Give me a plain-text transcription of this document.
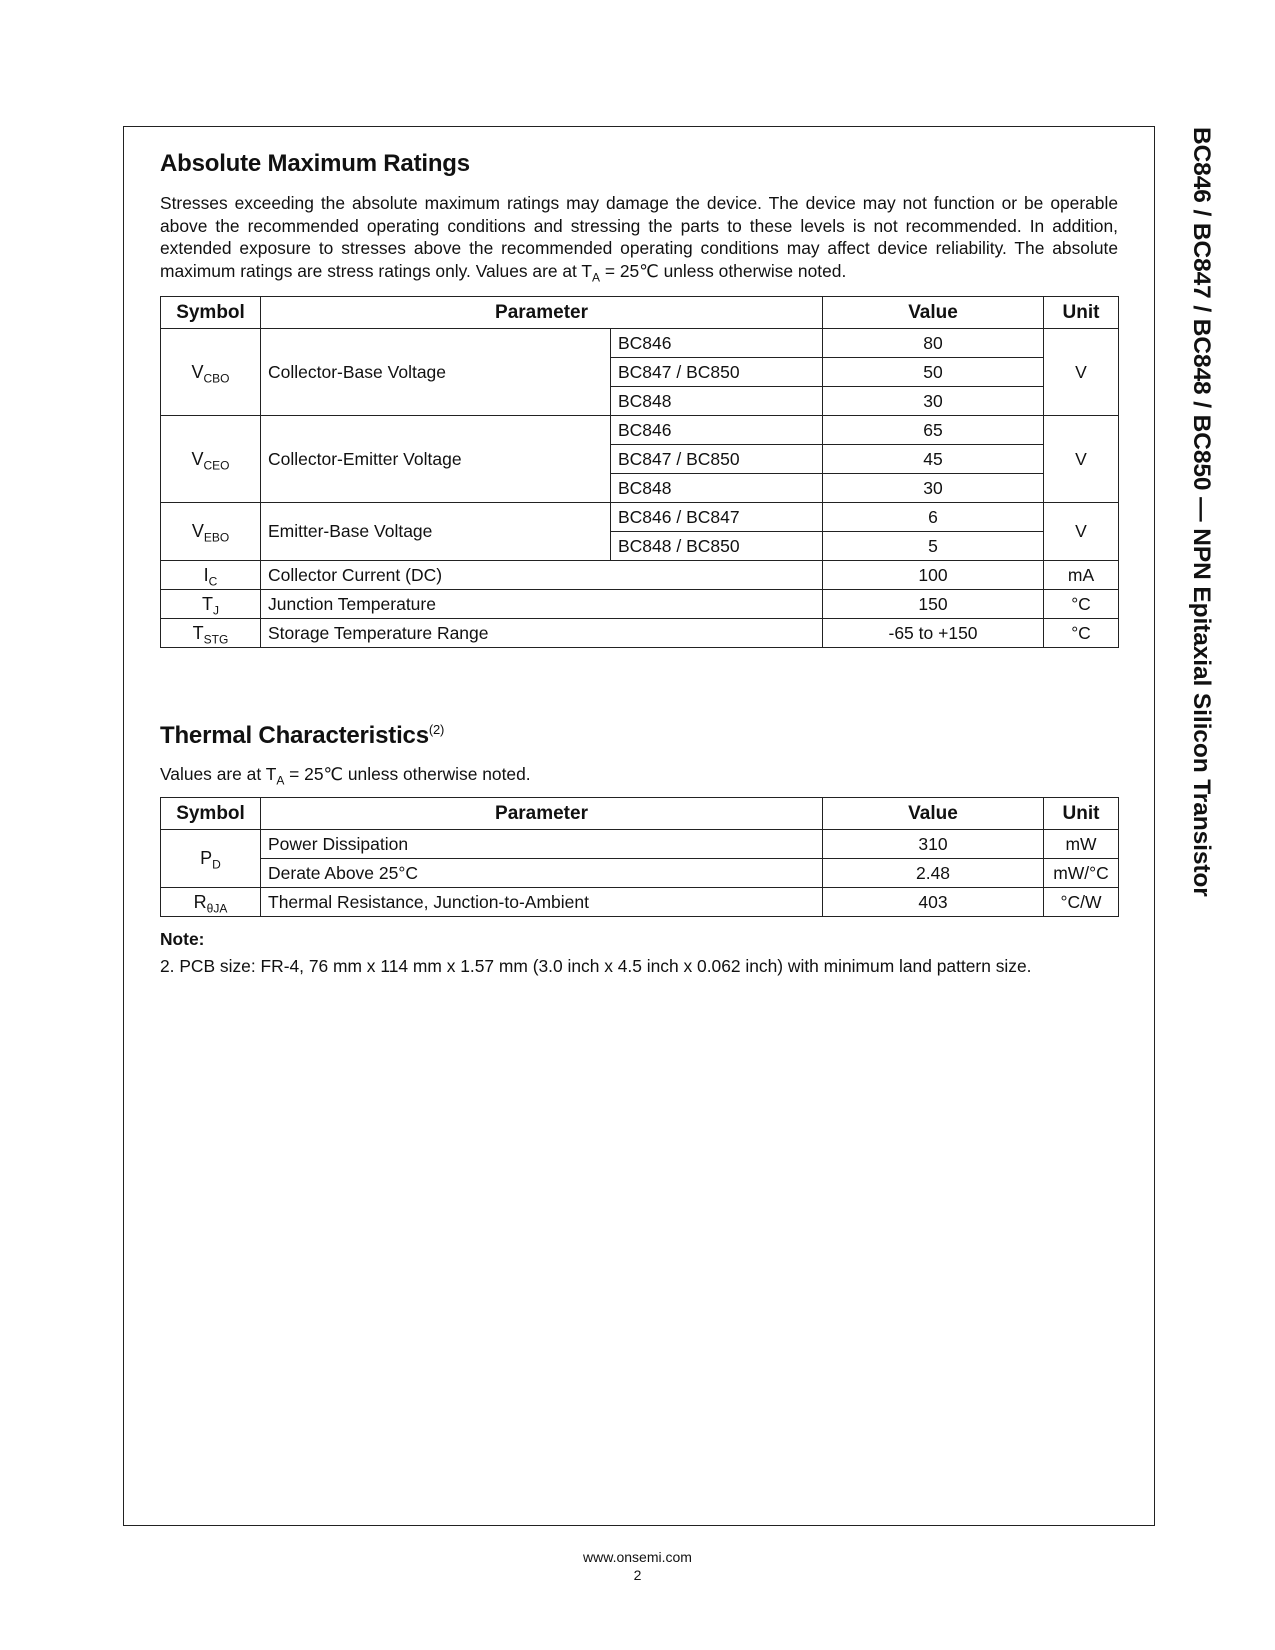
BC846 / BC847 / BC848 / BC850 — NPN Epitaxial Silicon Transistor
Absolute Maximum Ratings

Stresses exceeding the absolute maximum ratings may damage the device. The device may not function or be operable above the recommended operating conditions and stressing the parts to these levels is not recommended. In addition, extended exposure to stresses above the recommended operating conditions may affect device reliability. The absolute maximum ratings are stress ratings only. Values are at $T_A$ = 25℃ unless otherwise noted.

Symbol	Parameter		Value	Unit
$V_{CBO}$	Collector-Base Voltage	BC846	80	V
		BC847 / BC850	50	
		BC848	30	
$V_{CEO}$	Collector-Emitter Voltage	BC846	65	V
		BC847 / BC850	45	
		BC848	30	
$V_{EBO}$	Emitter-Base Voltage	BC846 / BC847	6	V
		BC848 / BC850	5	
$I_C$	Collector Current (DC)		100	mA
$T_J$	Junction Temperature		150	°C
$T_{STG}$	Storage Temperature Range		-65 to +150	°C
Thermal Characteristics$^{(2)}$

Values are at $T_A$ = 25℃ unless otherwise noted.

Symbol	Parameter	Value	Unit
$P_D$	Power Dissipation	310	mW
	Derate Above 25°C	2.48	mW/°C
$R_{\theta JA}$	Thermal Resistance, Junction-to-Ambient	403	°C/W

Note:

2. PCB size: FR-4, 76 mm x 114 mm x 1.57 mm (3.0 inch x 4.5 inch x 0.062 inch) with minimum land pattern size.

www.onsemi.com
2
